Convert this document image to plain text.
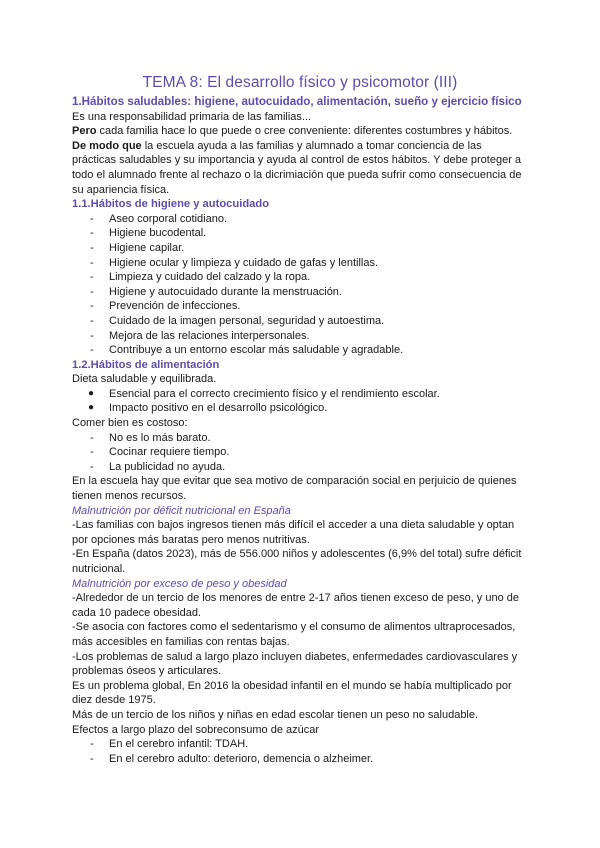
TEMA 8: El desarrollo físico y psicomotor (III)
1.Hábitos saludables: higiene, autocuidado, alimentación, sueño y ejercicio físico

Es una responsabilidad primaria de las familias...

Pero cada familia hace lo que puede o cree conveniente: diferentes costumbres y hábitos.

De modo que la escuela ayuda a las familias y alumnado a tomar conciencia de las prácticas saludables y su importancia y ayuda al control de estos hábitos. Y debe proteger a todo el alumnado frente al rechazo o la dicrimiación que pueda sufrir como consecuencia de su apariencia física.

1.1.Hábitos de higiene y autocuidado
- Aseo corporal cotidiano.
- Higiene bucodental.
- Higiene capilar.
- Higiene ocular y limpieza y cuidado de gafas y lentillas.
- Limpieza y cuidado del calzado y la ropa.
- Higiene y autocuidado durante la menstruación.
- Prevención de infecciones.
- Cuidado de la imagen personal, seguridad y autoestima.
- Mejora de las relaciones interpersonales.
- Contribuye a un entorno escolar más saludable y agradable.
1.2.Hábitos de alimentación

Dieta saludable y equilibrada.

● Esencial para el correcto crecimiento físico y el rendimiento escolar.
● Impacto positivo en el desarrollo psicológico.

Comer bien es costoso:

- No es lo más barato.
- Cocinar requiere tiempo.
- La publicidad no ayuda.

En la escuela hay que evitar que sea motivo de comparación social en perjuicio de quienes tienen menos recursos.

Malnutrición por déficit nutricional en España

-Las familias con bajos ingresos tienen más difícil el acceder a una dieta saludable y optan por opciones más baratas pero menos nutritivas.

-En España (datos 2023), más de 556.000 niños y adolescentes (6,9% del total) sufre déficit nutricional.

Malnutrición por exceso de peso y obesidad

-Alrededor de un tercio de los menores de entre 2-17 años tienen exceso de peso, y uno de cada 10 padece obesidad.

-Se asocia con factores como el sedentarismo y el consumo de alimentos ultraprocesados, más accesibles en familias con rentas bajas.

-Los problemas de salud a largo plazo incluyen diabetes, enfermedades cardiovasculares y problemas óseos y articulares.

Es un problema global, En 2016 la obesidad infantil en el mundo se había multiplicado por diez desde 1975.

Más de un tercio de los niños y niñas en edad escolar tienen un peso no saludable.

Efectos a largo plazo del sobreconsumo de azúcar

- En el cerebro infantil: TDAH.
- En el cerebro adulto: deterioro, demencia o alzheimer.
